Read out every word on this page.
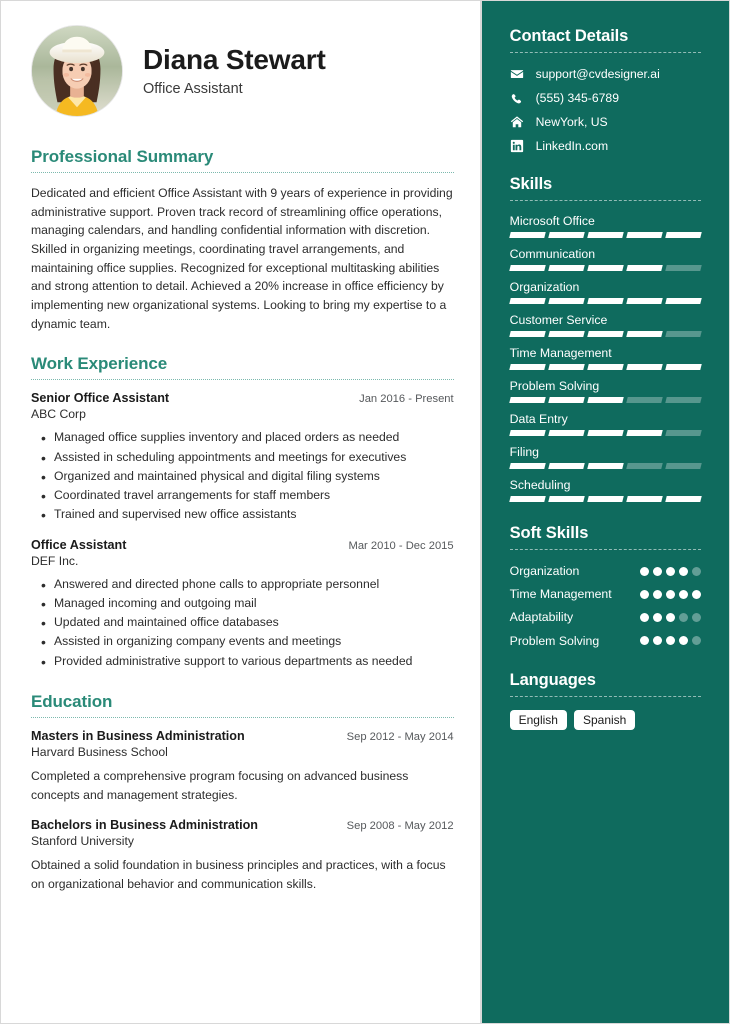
Diana Stewart
Office Assistant
Professional Summary
Dedicated and efficient Office Assistant with 9 years of experience in providing administrative support. Proven track record of streamlining office operations, managing calendars, and handling confidential information with discretion. Skilled in organizing meetings, coordinating travel arrangements, and maintaining office supplies. Recognized for exceptional multitasking abilities and strong attention to detail. Achieved a 20% increase in office efficiency by implementing new organizational systems. Looking to bring my expertise to a dynamic team.
Work Experience
Senior Office Assistant	Jan 2016 - Present
ABC Corp
• Managed office supplies inventory and placed orders as needed
• Assisted in scheduling appointments and meetings for executives
• Organized and maintained physical and digital filing systems
• Coordinated travel arrangements for staff members
• Trained and supervised new office assistants
Office Assistant	Mar 2010 - Dec 2015
DEF Inc.
• Answered and directed phone calls to appropriate personnel
• Managed incoming and outgoing mail
• Updated and maintained office databases
• Assisted in organizing company events and meetings
• Provided administrative support to various departments as needed
Education
Masters in Business Administration	Sep 2012 - May 2014
Harvard Business School
Completed a comprehensive program focusing on advanced business concepts and management strategies.
Bachelors in Business Administration	Sep 2008 - May 2012
Stanford University
Obtained a solid foundation in business principles and practices, with a focus on organizational behavior and communication skills.
Contact Details
support@cvdesigner.ai
(555) 345-6789
NewYork, US
LinkedIn.com
Skills
Microsoft Office
Communication
Organization
Customer Service
Time Management
Problem Solving
Data Entry
Filing
Scheduling
Soft Skills
Organization
Time Management
Adaptability
Problem Solving
Languages
English	Spanish
